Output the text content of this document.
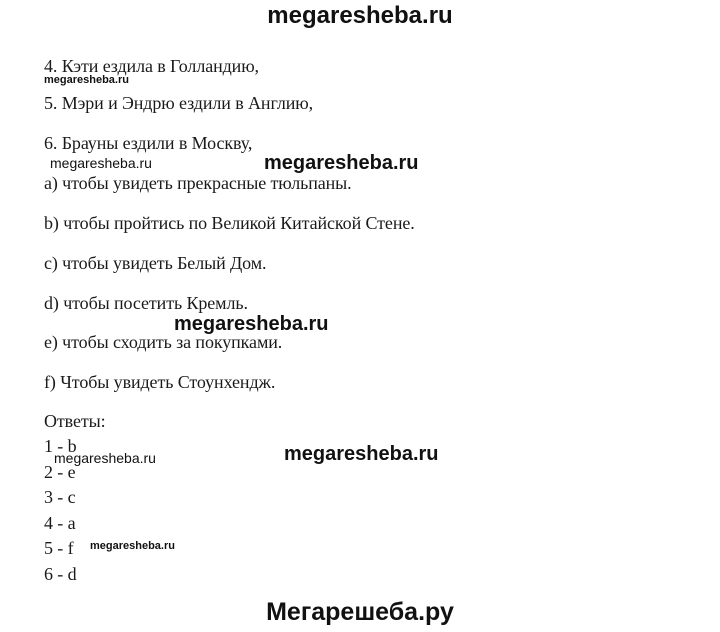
megaresheba.ru
4. Кэти ездила в Голландию,
megaresheba.ru
5. Мэри и Эндрю ездили в Англию,
6. Брауны ездили в Москву,
megaresheba.ru	megaresheba.ru
a) чтобы увидеть прекрасные тюльпаны.
b) чтобы пройтись по Великой Китайской Стене.
c) чтобы увидеть Белый Дом.
d) чтобы посетить Кремль.
megaresheba.ru
e) чтобы сходить за покупками.
f) Чтобы увидеть Стоунхендж.
Ответы:
1 - b
megaresheba.ru	megaresheba.ru
2 - e
3 - c
4 - a
5 - f megaresheba.ru
6 - d
Мегарешеба.ру
